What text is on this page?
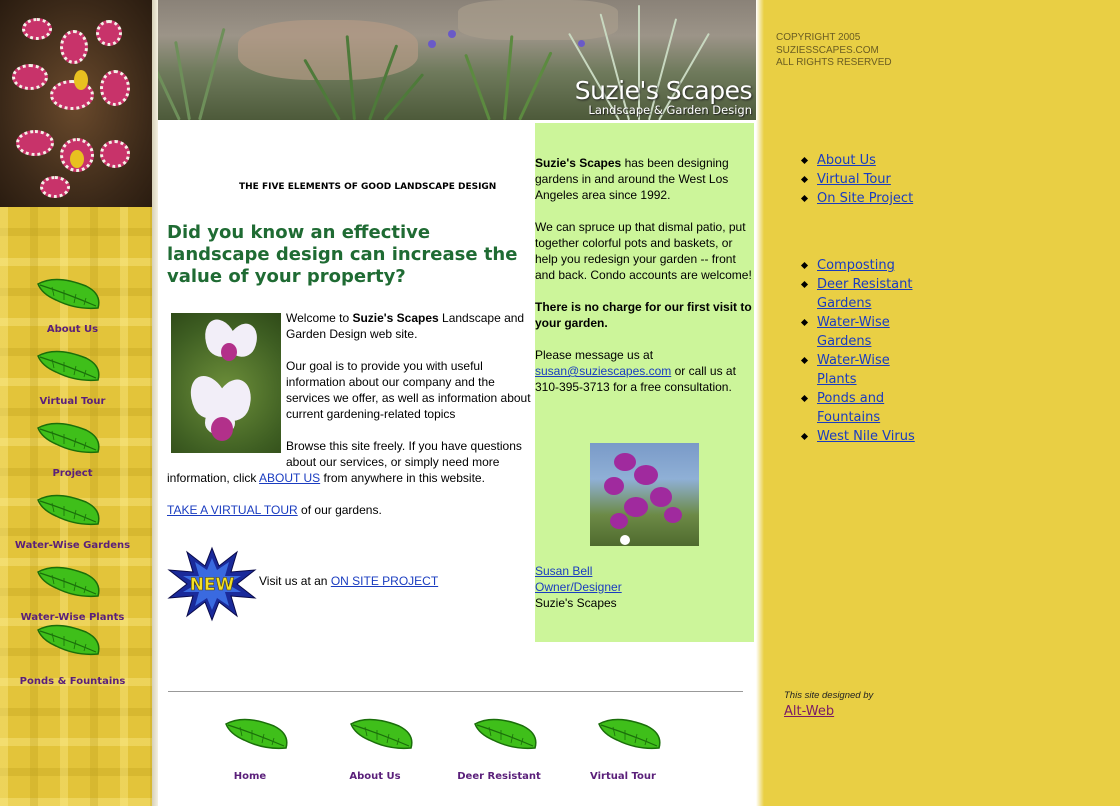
About Us
Virtual Tour
Project
Water-Wise Gardens
Water-Wise Plants
Ponds & Fountains
Suzie's Scapes
Landscape & Garden Design
THE FIVE ELEMENTS OF GOOD LANDSCAPE DESIGN
Did you know an effective landscape design can increase the value of your property?

Welcome to Suzie's Scapes Landscape and Garden Design web site.

Our goal is to provide you with useful information about our company and the services we offer, as well as information about current gardening-related topics

Browse this site freely. If you have questions about our services, or simply need more information, click ABOUT US from anywhere in this website.

TAKE A VIRTUAL TOUR of our gardens.

NEW Visit us at an ON SITE PROJECT
Home	About Us	Deer Resistant	Virtual Tour

Suzie's Scapes has been designing gardens in and around the West Los Angeles area since 1992.

We can spruce up that dismal patio, put together colorful pots and baskets, or help you redesign your garden -- front and back. Condo accounts are welcome!

There is no charge for our first visit to your garden.

Please message us at susan@suziescapes.com or call us at 310-395-3713 for a free consultation.

Susan Bell
Owner/Designer
Suzie's Scapes
COPYRIGHT 2005
SUZIESSCAPES.COM
ALL RIGHTS RESERVED
About Us
Virtual Tour
On Site Project
Composting
Deer Resistant Gardens
Water-Wise Gardens
Water-Wise Plants
Ponds and Fountains
West Nile Virus
This site designed by
Alt-Web
